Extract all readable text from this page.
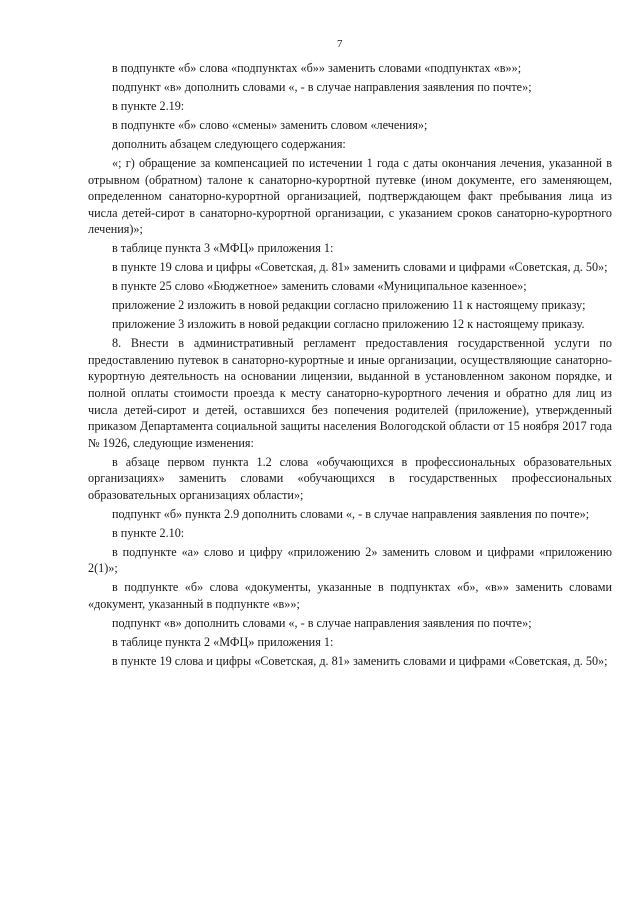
7

в подпункте «б» слова «подпунктах «б»» заменить словами «подпунктах «в»»;

подпункт «в» дополнить словами «, - в случае направления заявления по почте»;

в пункте 2.19:

в подпункте «б» слово «смены» заменить словом «лечения»;

дополнить абзацем следующего содержания:

«; г) обращение за компенсацией по истечении 1 года с даты окончания лечения, указанной в отрывном (обратном) талоне к санаторно-курортной путевке (ином документе, его заменяющем, определенном санаторно-курортной организацией, подтверждающем факт пребывания лица из числа детей-сирот в санаторно-курортной организации, с указанием сроков санаторно-курортного лечения)»;

в таблице пункта 3 «МФЦ» приложения 1:

в пункте 19 слова и цифры «Советская, д. 81» заменить словами и цифрами «Советская, д. 50»;

в пункте 25 слово «Бюджетное» заменить словами «Муниципальное казенное»;

приложение 2 изложить в новой редакции согласно приложению 11 к настоящему приказу;

приложение 3 изложить в новой редакции согласно приложению 12 к настоящему приказу.

8. Внести в административный регламент предоставления государственной услуги по предоставлению путевок в санаторно-курортные и иные организации, осуществляющие санаторно-курортную деятельность на основании лицензии, выданной в установленном законом порядке, и полной оплаты стоимости проезда к месту санаторно-курортного лечения и обратно для лиц из числа детей-сирот и детей, оставшихся без попечения родителей (приложение), утвержденный приказом Департамента социальной защиты населения Вологодской области от 15 ноября 2017 года № 1926, следующие изменения:

в абзаце первом пункта 1.2 слова «обучающихся в профессиональных образовательных организациях» заменить словами «обучающихся в государственных профессиональных образовательных организациях области»;

подпункт «б» пункта 2.9 дополнить словами «, - в случае направления заявления по почте»;

в пункте 2.10:

в подпункте «а» слово и цифру «приложению 2» заменить словом и цифрами «приложению 2(1)»;

в подпункте «б» слова «документы, указанные в подпунктах «б», «в»» заменить словами «документ, указанный в подпункте «в»»;

подпункт «в» дополнить словами «, - в случае направления заявления по почте»;

в таблице пункта 2 «МФЦ» приложения 1:

в пункте 19 слова и цифры «Советская, д. 81» заменить словами и цифрами «Советская, д. 50»;
